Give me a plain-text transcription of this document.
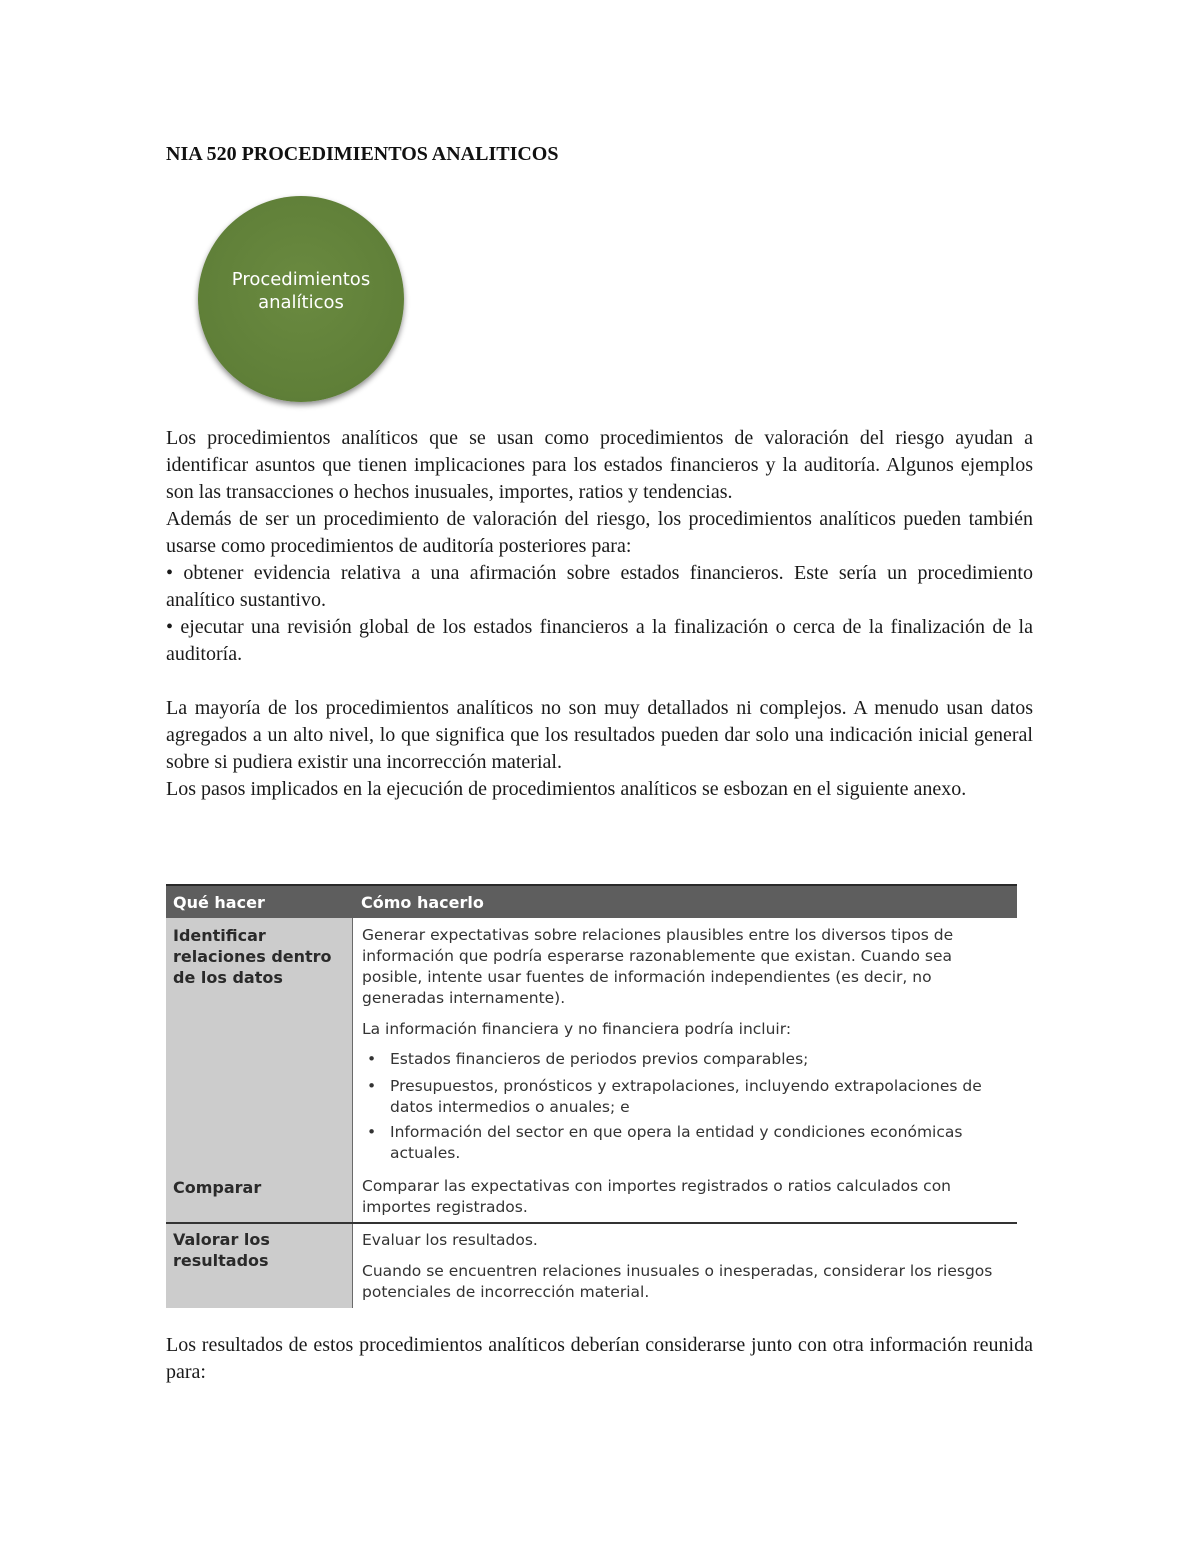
NIA 520 PROCEDIMIENTOS ANALITICOS
Procedimientos
analíticos

Los procedimientos analíticos que se usan como procedimientos de valoración del riesgo ayudan a identificar asuntos que tienen implicaciones para los estados financieros y la auditoría. Algunos ejemplos son las transacciones o hechos inusuales, importes, ratios y tendencias.

Además de ser un procedimiento de valoración del riesgo, los procedimientos analíticos pueden también usarse como procedimientos de auditoría posteriores para:

• obtener evidencia relativa a una afirmación sobre estados financieros. Este sería un procedimiento analítico sustantivo.

• ejecutar una revisión global de los estados financieros a la finalización o cerca de la finalización de la auditoría.

La mayoría de los procedimientos analíticos no son muy detallados ni complejos. A menudo usan datos agregados a un alto nivel, lo que significa que los resultados pueden dar solo una indicación inicial general sobre si pudiera existir una incorrección material.

Los pasos implicados en la ejecución de procedimientos analíticos se esbozan en el siguiente anexo.

Qué hacer	Cómo hacerlo
Identificar relaciones dentro de los datos

Generar expectativas sobre relaciones plausibles entre los diversos tipos de información que podría esperarse razonablemente que existan. Cuando sea posible, intente usar fuentes de información independientes (es decir, no generadas internamente).

La información financiera y no financiera podría incluir:

• Estados financieros de periodos previos comparables;
• Presupuestos, pronósticos y extrapolaciones, incluyendo extrapolaciones de datos intermedios o anuales; e
• Información del sector en que opera la entidad y condiciones económicas actuales.
Comparar	Comparar las expectativas con importes registrados o ratios calculados con importes registrados.

Valorar los resultados

Evaluar los resultados.

Cuando se encuentren relaciones inusuales o inesperadas, considerar los riesgos potenciales de incorrección material.

Los resultados de estos procedimientos analíticos deberían considerarse junto con otra información reunida para:
